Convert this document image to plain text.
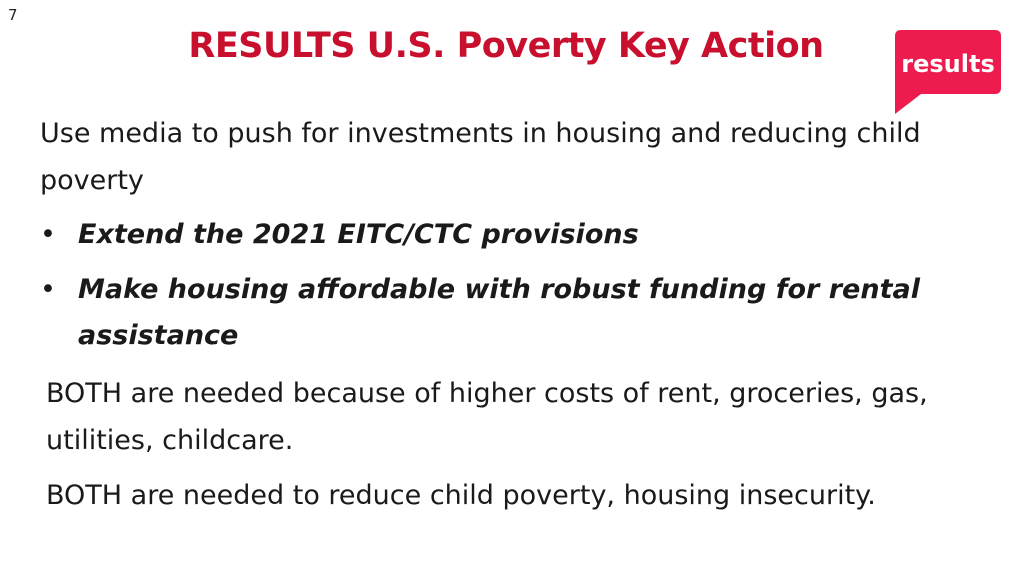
7
RESULTS U.S. Poverty Key Action	results

Use media to push for investments in housing and reducing child poverty

• Extend the 2021 EITC/CTC provisions
• Make housing affordable with robust funding for rental assistance

BOTH are needed because of higher costs of rent, groceries, gas, utilities, childcare.

BOTH are needed to reduce child poverty, housing insecurity.
